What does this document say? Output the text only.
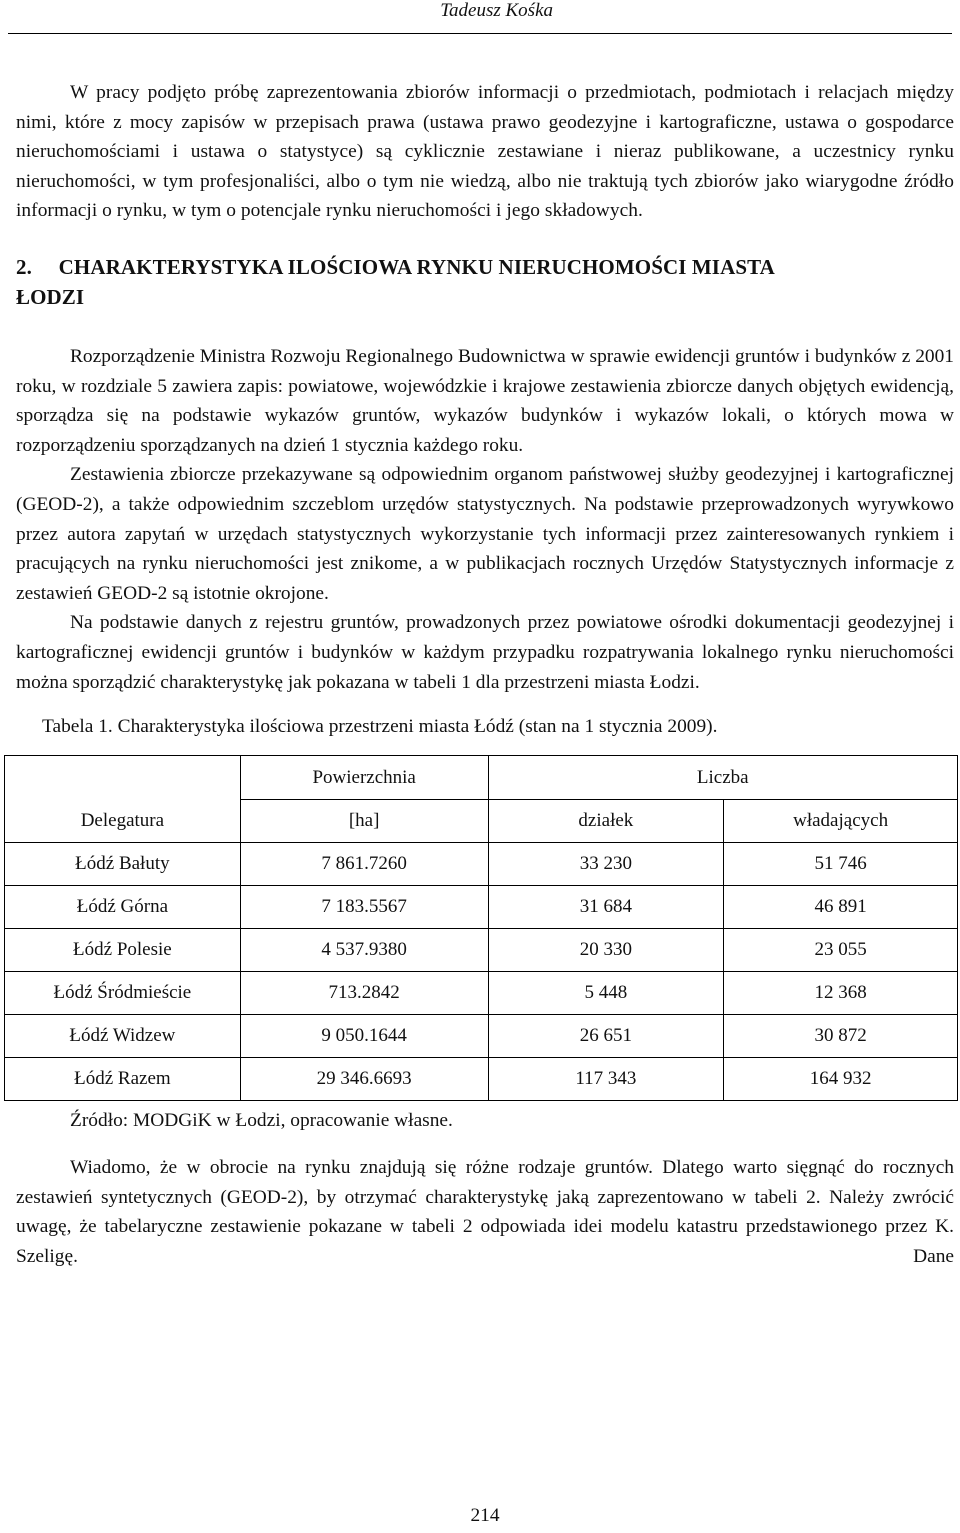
Tadeusz Kośka

W pracy podjęto próbę zaprezentowania zbiorów informacji o przedmiotach, podmiotach i relacjach między nimi, które z mocy zapisów w przepisach prawa (ustawa prawo geodezyjne i kartograficzne, ustawa o gospodarce nieruchomościami i ustawa o statystyce) są cyklicznie zestawiane i nieraz publikowane, a uczestnicy rynku nieruchomości, w tym profesjonaliści, albo o tym nie wiedzą, albo nie traktują tych zbiorów jako wiarygodne źródło informacji o rynku, w tym o potencjale rynku nieruchomości i jego składowych.

2. CHARAKTERYSTYKA ILOŚCIOWA RYNKU NIERUCHOMOŚCI MIASTA
ŁODZI

Rozporządzenie Ministra Rozwoju Regionalnego Budownictwa w sprawie ewidencji gruntów i budynków z 2001 roku, w rozdziale 5 zawiera zapis: powiatowe, wojewódzkie i krajowe zestawienia zbiorcze danych objętych ewidencją, sporządza się na podstawie wykazów gruntów, wykazów budynków i wykazów lokali, o których mowa w rozporządzeniu sporządzanych na dzień 1 stycznia każdego roku.

Zestawienia zbiorcze przekazywane są odpowiednim organom państwowej służby geodezyjnej i kartograficznej (GEOD-2), a także odpowiednim szczeblom urzędów statystycznych. Na podstawie przeprowadzonych wyrywkowo przez autora zapytań w urzędach statystycznych wykorzystanie tych informacji przez zainteresowanych rynkiem i pracujących na rynku nieruchomości jest znikome, a w publikacjach rocznych Urzędów Statystycznych informacje z zestawień GEOD-2 są istotnie okrojone.

Na podstawie danych z rejestru gruntów, prowadzonych przez powiatowe ośrodki dokumentacji geodezyjnej i kartograficznej ewidencji gruntów i budynków w każdym przypadku rozpatrywania lokalnego rynku nieruchomości można sporządzić charakterystykę jak pokazana w tabeli 1 dla przestrzeni miasta Łodzi.

Tabela 1. Charakterystyka ilościowa przestrzeni miasta Łódź (stan na 1 stycznia 2009).

Delegatura	Powierzchnia	Liczba	
	[ha]	działek	władających
Łódź Bałuty	7 861.7260	33 230	51 746
Łódź Górna	7 183.5567	31 684	46 891
Łódź Polesie	4 537.9380	20 330	23 055
Łódź Śródmieście	713.2842	5 448	12 368
Łódź Widzew	9 050.1644	26 651	30 872
Łódź Razem	29 346.6693	117 343	164 932

Źródło: MODGiK w Łodzi, opracowanie własne.

Wiadomo, że w obrocie na rynku znajdują się różne rodzaje gruntów. Dlatego warto sięgnąć do rocznych zestawień syntetycznych (GEOD-2), by otrzymać charakterystykę jaką zaprezentowano w tabeli 2. Należy zwrócić uwagę, że tabelaryczne zestawienie pokazane w tabeli 2 odpowiada idei modelu katastru przedstawionego przez K. Szeligę. Dane

214
